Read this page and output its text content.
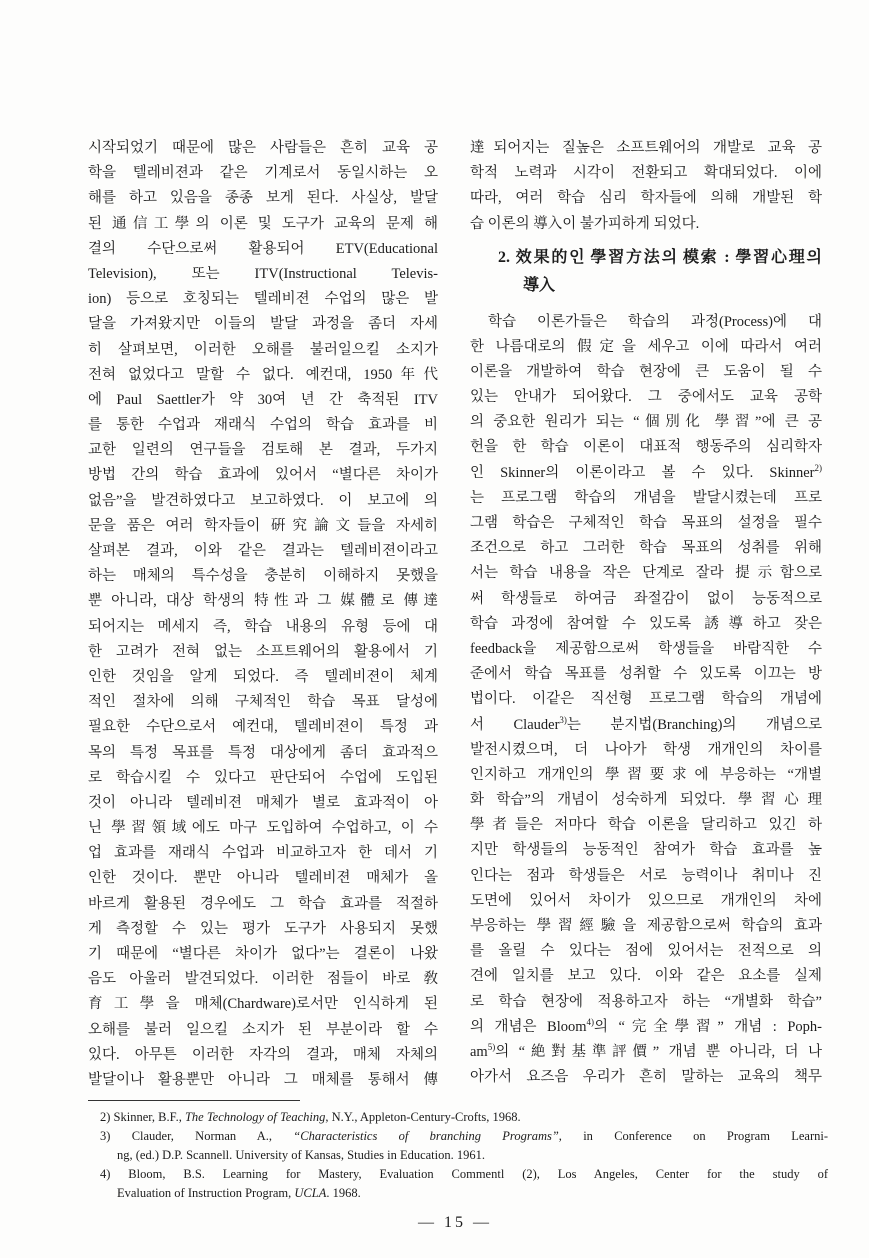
시작되었기 때문에 많은 사람들은 흔히 교육 공
학을 텔레비젼과 같은 기계로서 동일시하는 오
해를 하고 있음을 종종 보게 된다. 사실상, 발달
된 通信工學의 이론 및 도구가 교육의 문제 해
결의 수단으로써 활용되어 ETV(Educational
Television), 또는 ITV(Instructional Televis-
ion) 등으로 호칭되는 텔레비젼 수업의 많은 발
달을 가져왔지만 이들의 발달 과정을 좀더 자세
히 살펴보면, 이러한 오해를 불러일으킬 소지가
전혀 없었다고 말할 수 없다. 예컨대, 1950年代
에 Paul Saettler가 약 30여 년 간 축적된 ITV
를 통한 수업과 재래식 수업의 학습 효과를 비
교한 일련의 연구들을 검토해 본 결과, 두가지
방법 간의 학습 효과에 있어서 “별다른 차이가
없음”을 발견하였다고 보고하였다. 이 보고에 의
문을 품은 여러 학자들이 硏究論文들을 자세히
살펴본 결과, 이와 같은 결과는 텔레비젼이라고
하는 매체의 특수성을 충분히 이해하지 못했을
뿐 아니라, 대상 학생의 特性과 그 媒體로 傳達
되어지는 메세지 즉, 학습 내용의 유형 등에 대
한 고려가 전혀 없는 소프트웨어의 활용에서 기
인한 것임을 알게 되었다. 즉 텔레비젼이 체계
적인 절차에 의해 구체적인 학습 목표 달성에
필요한 수단으로서 예컨대, 텔레비젼이 특정 과
목의 특정 목표를 특정 대상에게 좀더 효과적으
로 학습시킬 수 있다고 판단되어 수업에 도입된
것이 아니라 텔레비젼 매체가 별로 효과적이 아
닌 學習領域에도 마구 도입하여 수업하고, 이 수
업 효과를 재래식 수업과 비교하고자 한 데서 기
인한 것이다. 뿐만 아니라 텔레비젼 매체가 올
바르게 활용된 경우에도 그 학습 효과를 적절하
게 측정할 수 있는 평가 도구가 사용되지 못했
기 때문에 “별다른 차이가 없다”는 결론이 나왔
음도 아울러 발견되었다. 이러한 점들이 바로 敎
育工學을 매체(Chardware)로서만 인식하게 된
오해를 불러 일으킬 소지가 된 부분이라 할 수
있다. 아무튼 이러한 자각의 결과, 매체 자체의
발달이나 활용뿐만 아니라 그 매체를 통해서 傳
達되어지는 질높은 소프트웨어의 개발로 교육 공
학적 노력과 시각이 전환되고 확대되었다. 이에
따라, 여러 학습 심리 학자들에 의해 개발된 학
습 이론의 導入이 불가피하게 되었다.
2. 效果的인 學習方法의 模索 : 學習心理의
導入
학습 이론가들은 학습의 과정(Process)에 대
한 나름대로의 假定을 세우고 이에 따라서 여러
이론을 개발하여 학습 현장에 큰 도움이 될 수
있는 안내가 되어왔다. 그 중에서도 교육 공학
의 중요한 원리가 되는 “個別化 學習”에 큰 공
헌을 한 학습 이론이 대표적 행동주의 심리학자
인 Skinner의 이론이라고 볼 수 있다. Skinner$^{2)}$
는 프로그램 학습의 개념을 발달시켰는데 프로
그램 학습은 구체적인 학습 목표의 설정을 필수
조건으로 하고 그러한 학습 목표의 성취를 위해
서는 학습 내용을 작은 단계로 잘라 提示함으로
써 학생들로 하여금 좌절감이 없이 능동적으로
학습 과정에 참여할 수 있도록 誘導하고 잦은
feedback을 제공함으로써 학생들을 바람직한 수
준에서 학습 목표를 성취할 수 있도록 이끄는 방
법이다. 이같은 직선형 프로그램 학습의 개념에
서 Clauder$^{3)}$는 분지법(Branching)의 개념으로
발전시켰으며, 더 나아가 학생 개개인의 차이를
인지하고 개개인의 學習要求에 부응하는 “개별
화 학습”의 개념이 성숙하게 되었다. 學習心理
學者들은 저마다 학습 이론을 달리하고 있긴 하
지만 학생들의 능동적인 참여가 학습 효과를 높
인다는 점과 학생들은 서로 능력이나 취미나 진
도면에 있어서 차이가 있으므로 개개인의 차에
부응하는 學習經驗을 제공함으로써 학습의 효과
를 올릴 수 있다는 점에 있어서는 전적으로 의
견에 일치를 보고 있다. 이와 같은 요소를 실제
로 학습 현장에 적용하고자 하는 “개별화 학습”
의 개념은 Bloom$^{4)}$의 “完全學習” 개념 : Poph-
$am^{5)}$의 “絶對基準評價” 개념 뿐 아니라, 더 나
아가서 요즈음 우리가 흔히 말하는 교육의 책무
2) Skinner, B.F., The Technology of Teaching, N.Y., Appleton-Century-Crofts, 1968.
3) Clauder, Norman A., “Characteristics of branching Programs”, in Conference on Program Learni-
ng, (ed.) D.P. Scannell. University of Kansas, Studies in Education. 1961.
4) Bloom, B.S. Learning for Mastery, Evaluation Commentl (2), Los Angeles, Center for the study of
Evaluation of Instruction Program, UCLA. 1968.
— 15 —
